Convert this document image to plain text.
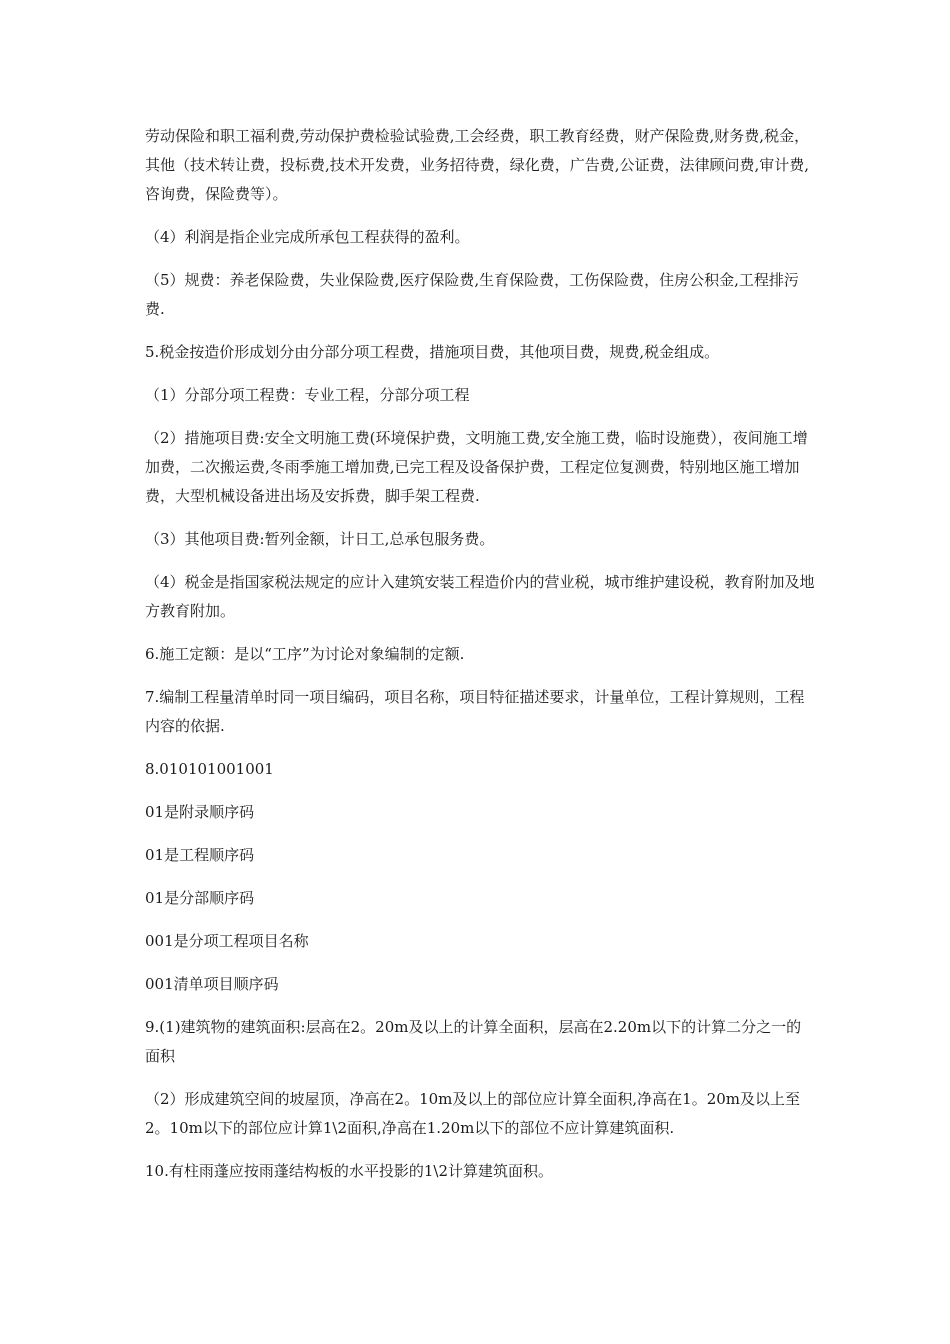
劳动保险和职工福利费,劳动保护费检验试验费,工会经费，职工教育经费，财产保险费,财务费,税金，其他（技术转让费，投标费,技术开发费，业务招待费，绿化费，广告费,公证费，法律顾问费,审计费,咨询费，保险费等）。

（4）利润是指企业完成所承包工程获得的盈利。

（5）规费：养老保险费，失业保险费,医疗保险费,生育保险费，工伤保险费，住房公积金,工程排污费.

5.税金按造价形成划分由分部分项工程费，措施项目费，其他项目费，规费,税金组成。

（1）分部分项工程费：专业工程，分部分项工程

（2）措施项目费:安全文明施工费(环境保护费，文明施工费,安全施工费，临时设施费），夜间施工增加费，二次搬运费,冬雨季施工增加费,已完工程及设备保护费，工程定位复测费，特别地区施工增加费，大型机械设备进出场及安拆费，脚手架工程费.

（3）其他项目费:暂列金额，计日工,总承包服务费。

（4）税金是指国家税法规定的应计入建筑安装工程造价内的营业税，城市维护建设税，教育附加及地方教育附加。

6.施工定额：是以“工序”为讨论对象编制的定额.

7.编制工程量清单时同一项目编码，项目名称，项目特征描述要求，计量单位，工程计算规则，工程内容的依据.

8.010101001001

01是附录顺序码

01是工程顺序码

01是分部顺序码

001是分项工程项目名称

001清单项目顺序码

9.(1)建筑物的建筑面积:层高在2。20m及以上的计算全面积，层高在2.20m以下的计算二分之一的面积

（2）形成建筑空间的坡屋顶，净高在2。10m及以上的部位应计算全面积,净高在1。20m及以上至2。10m以下的部位应计算1\2面积,净高在1.20m以下的部位不应计算建筑面积.

10.有柱雨蓬应按雨蓬结构板的水平投影的1\2计算建筑面积。
